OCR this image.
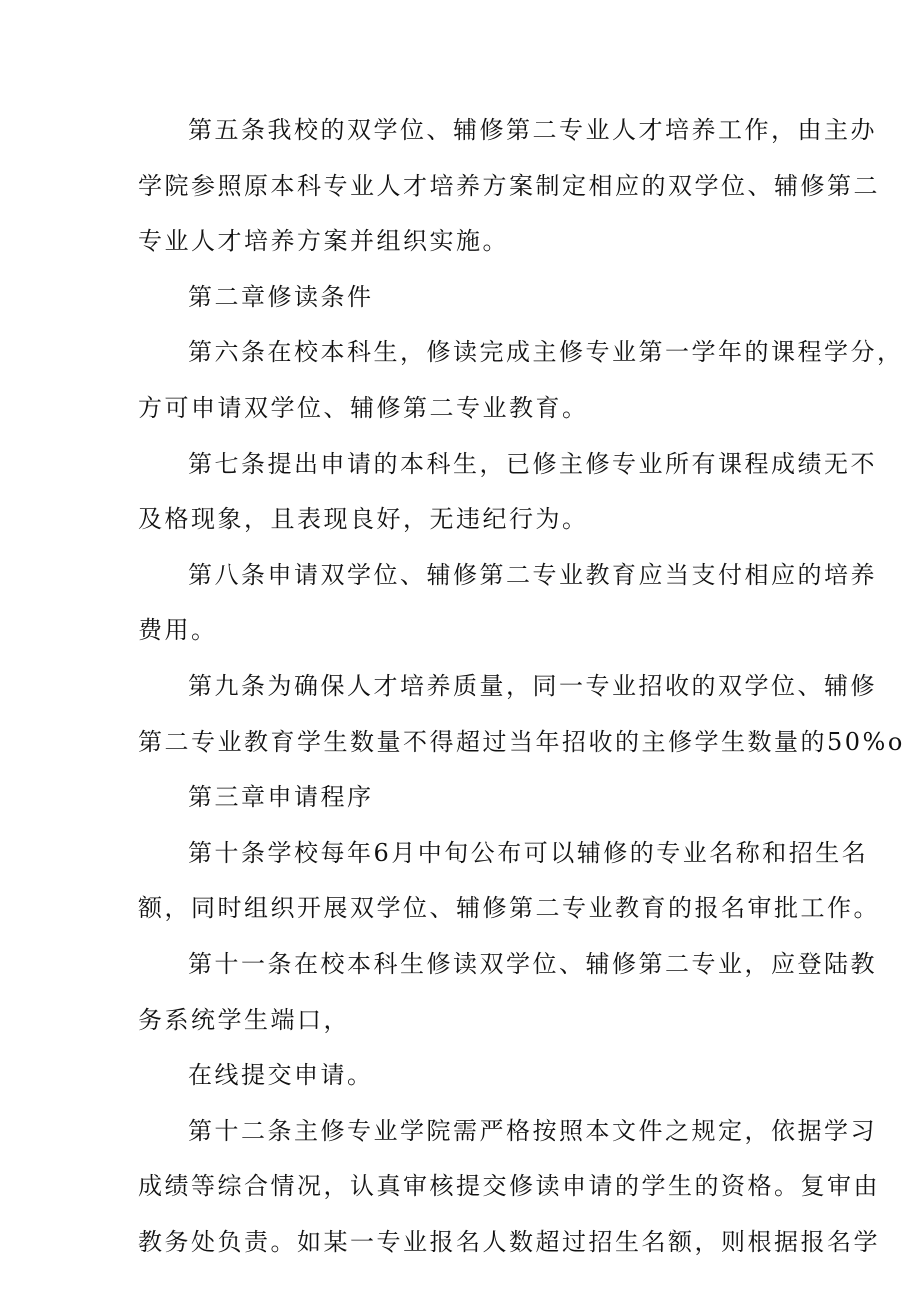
第五条我校的双学位、辅修第二专业人才培养工作，由主办
学院参照原本科专业人才培养方案制定相应的双学位、辅修第二
专业人才培养方案并组织实施。
第二章修读条件
第六条在校本科生，修读完成主修专业第一学年的课程学分，
方可申请双学位、辅修第二专业教育。
第七条提出申请的本科生，已修主修专业所有课程成绩无不
及格现象，且表现良好，无违纪行为。
第八条申请双学位、辅修第二专业教育应当支付相应的培养
费用。
第九条为确保人才培养质量，同一专业招收的双学位、辅修
第二专业教育学生数量不得超过当年招收的主修学生数量的50%o
第三章申请程序
第十条学校每年6月中旬公布可以辅修的专业名称和招生名
额，同时组织开展双学位、辅修第二专业教育的报名审批工作。
第十一条在校本科生修读双学位、辅修第二专业，应登陆教
务系统学生端口，
在线提交申请。
第十二条主修专业学院需严格按照本文件之规定，依据学习
成绩等综合情况，认真审核提交修读申请的学生的资格。复审由
教务处负责。如某一专业报名人数超过招生名额，则根据报名学
